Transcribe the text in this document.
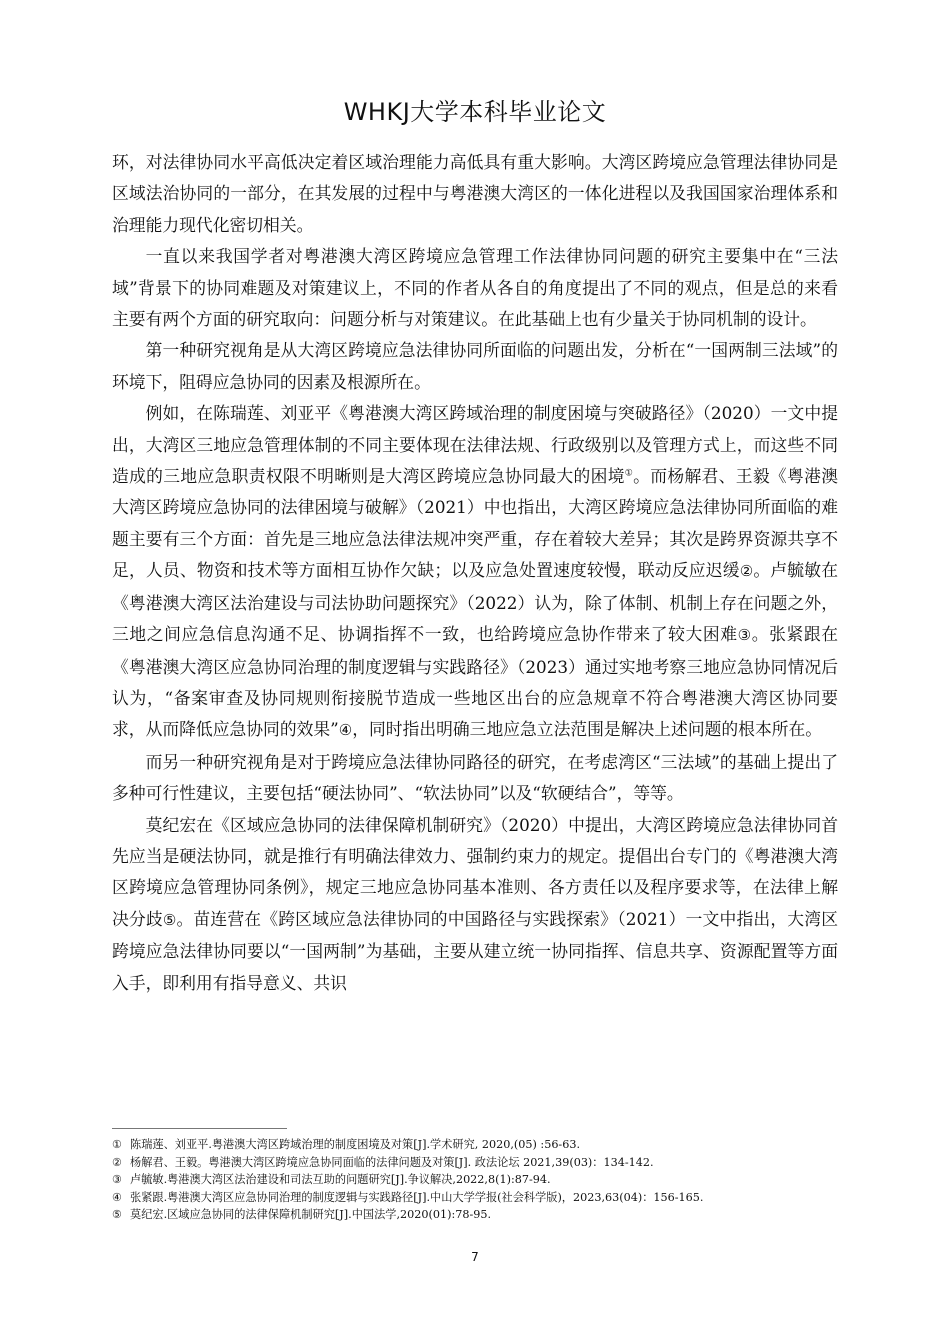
WHKJ大学本科毕业论文

环，对法律协同水平高低决定着区域治理能力高低具有重大影响。大湾区跨境应急管理法律协同是区域法治协同的一部分，在其发展的过程中与粤港澳大湾区的一体化进程以及我国国家治理体系和治理能力现代化密切相关。

一直以来我国学者对粤港澳大湾区跨境应急管理工作法律协同问题的研究主要集中在“三法域”背景下的协同难题及对策建议上，不同的作者从各自的角度提出了不同的观点，但是总的来看主要有两个方面的研究取向：问题分析与对策建议。在此基础上也有少量关于协同机制的设计。

第一种研究视角是从大湾区跨境应急法律协同所面临的问题出发，分析在“一国两制三法域”的环境下，阻碍应急协同的因素及根源所在。

例如，在陈瑞莲、刘亚平《粤港澳大湾区跨域治理的制度困境与突破路径》（2020）一文中提出，大湾区三地应急管理体制的不同主要体现在法律法规、行政级别以及管理方式上，而这些不同造成的三地应急职责权限不明晰则是大湾区跨境应急协同最大的困境①。而杨解君、王毅《粤港澳大湾区跨境应急协同的法律困境与破解》（2021）中也指出，大湾区跨境应急法律协同所面临的难题主要有三个方面：首先是三地应急法律法规冲突严重，存在着较大差异；其次是跨界资源共享不足，人员、物资和技术等方面相互协作欠缺；以及应急处置速度较慢，联动反应迟缓②。卢毓敏在《粤港澳大湾区法治建设与司法协助问题探究》（2022）认为，除了体制、机制上存在问题之外，三地之间应急信息沟通不足、协调指挥不一致，也给跨境应急协作带来了较大困难③。张紧跟在《粤港澳大湾区应急协同治理的制度逻辑与实践路径》（2023）通过实地考察三地应急协同情况后认为，“备案审查及协同规则衔接脱节造成一些地区出台的应急规章不符合粤港澳大湾区协同要求，从而降低应急协同的效果”④，同时指出明确三地应急立法范围是解决上述问题的根本所在。

而另一种研究视角是对于跨境应急法律协同路径的研究，在考虑湾区“三法域”的基础上提出了多种可行性建议，主要包括“硬法协同”、“软法协同”以及“软硬结合”，等等。

莫纪宏在《区域应急协同的法律保障机制研究》（2020）中提出，大湾区跨境应急法律协同首先应当是硬法协同，就是推行有明确法律效力、强制约束力的规定。提倡出台专门的《粤港澳大湾区跨境应急管理协同条例》，规定三地应急协同基本准则、各方责任以及程序要求等，在法律上解决分歧⑤。苗连营在《跨区域应急法律协同的中国路径与实践探索》（2021）一文中指出，大湾区跨境应急法律协同要以“一国两制”为基础，主要从建立统一协同指挥、信息共享、资源配置等方面入手，即利用有指导意义、共识

① 陈瑞莲、刘亚平.粤港澳大湾区跨域治理的制度困境及对策[J].学术研究, 2020,(05) :56-63.
② 杨解君、王毅。粤港澳大湾区跨境应急协同面临的法律问题及对策[J]. 政法论坛 2021,39(03)：134-142.
③ 卢毓敏.粤港澳大湾区法治建设和司法互助的问题研究[J].争议解决,2022,8(1):87-94.
④ 张紧跟.粤港澳大湾区应急协同治理的制度逻辑与实践路径[J].中山大学学报(社会科学版)，2023,63(04)：156-165.
⑤ 莫纪宏.区域应急协同的法律保障机制研究[J].中国法学,2020(01):78-95.
7
